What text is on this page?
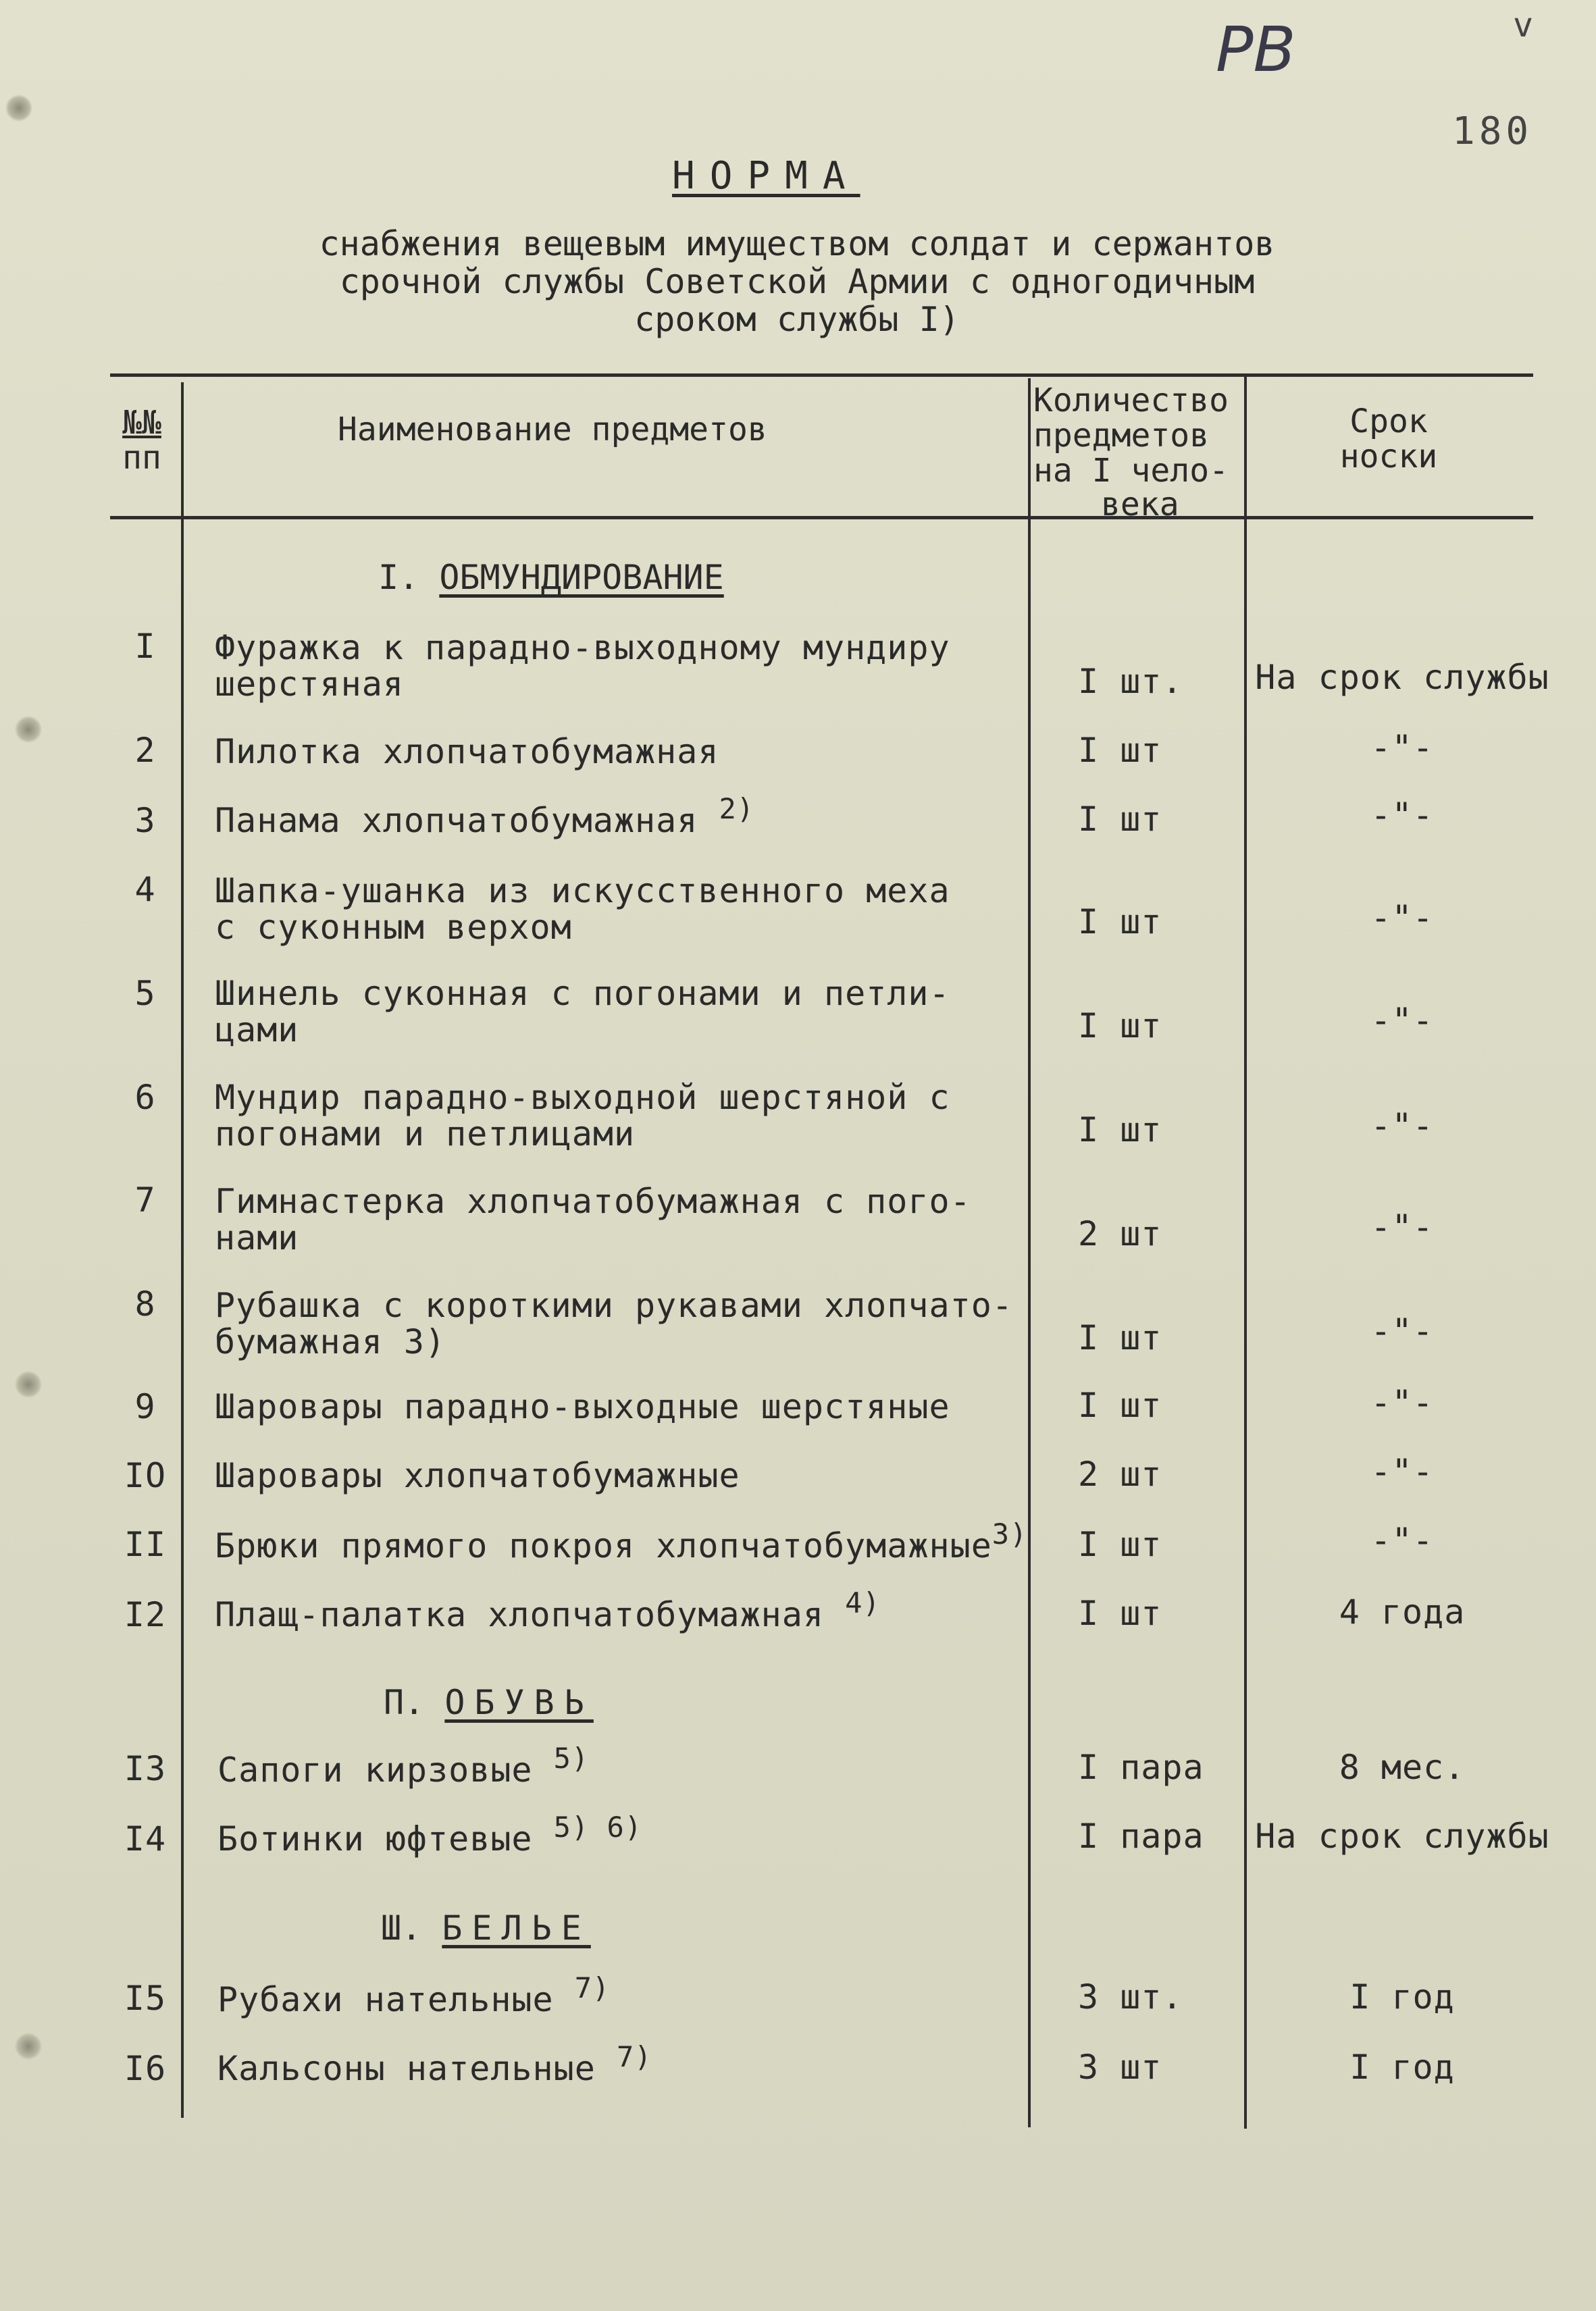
PB	v
180
НОРМА
снабжения вещевым имуществом солдат и сержантов
срочной службы Советской Армии с одногодичным
сроком службы I)
№№
пп
Наименование предметов
Количество
предметов
на I чело-
века
Срок
носки
I. ОБМУНДИРОВАНИЕ
I	Фуражка к парадно-выходному мундиру
шерстяная	I шт. На срок службы
2	Пилотка хлопчатобумажная	I шт	-"-
3	Панама хлопчатобумажная $^{2)}$	I шт	-"-
4	Шапка-ушанка из искусственного меха
с суконным верхом	I шт	-"-
5	Шинель суконная с погонами и петли-
цами	I шт	-"-
6	Мундир парадно-выходной шерстяной с
погонами и петлицами	I шт	-"-
7	Гимнастерка хлопчатобумажная с пого-
нами	2 шт	-"-
8	Рубашка с короткими рукавами хлопчато-
бумажная 3)	I шт	-"-
9	Шаровары парадно-выходные шерстяные	I шт	-"-
IO	Шаровары хлопчатобумажные	2 шт	-"-
II	Брюки прямого покроя хлопчатобумажные$^{3)}$ I шт	-"-
I2	Плащ-палатка хлопчатобумажная $^{4)}$	I шт	4 года
П. ОБУВЬ
I3	Сапоги кирзовые $^{5)}$	I пара	8 мес.
I4	Ботинки юфтевые $^{5) 6)}$	I пара На срок службы
Ш. БЕЛЬЕ
I5	Рубахи нательные $^{7)}$	3 шт.	I год
I6	Кальсоны нательные $^{7)}$	3 шт	I год
